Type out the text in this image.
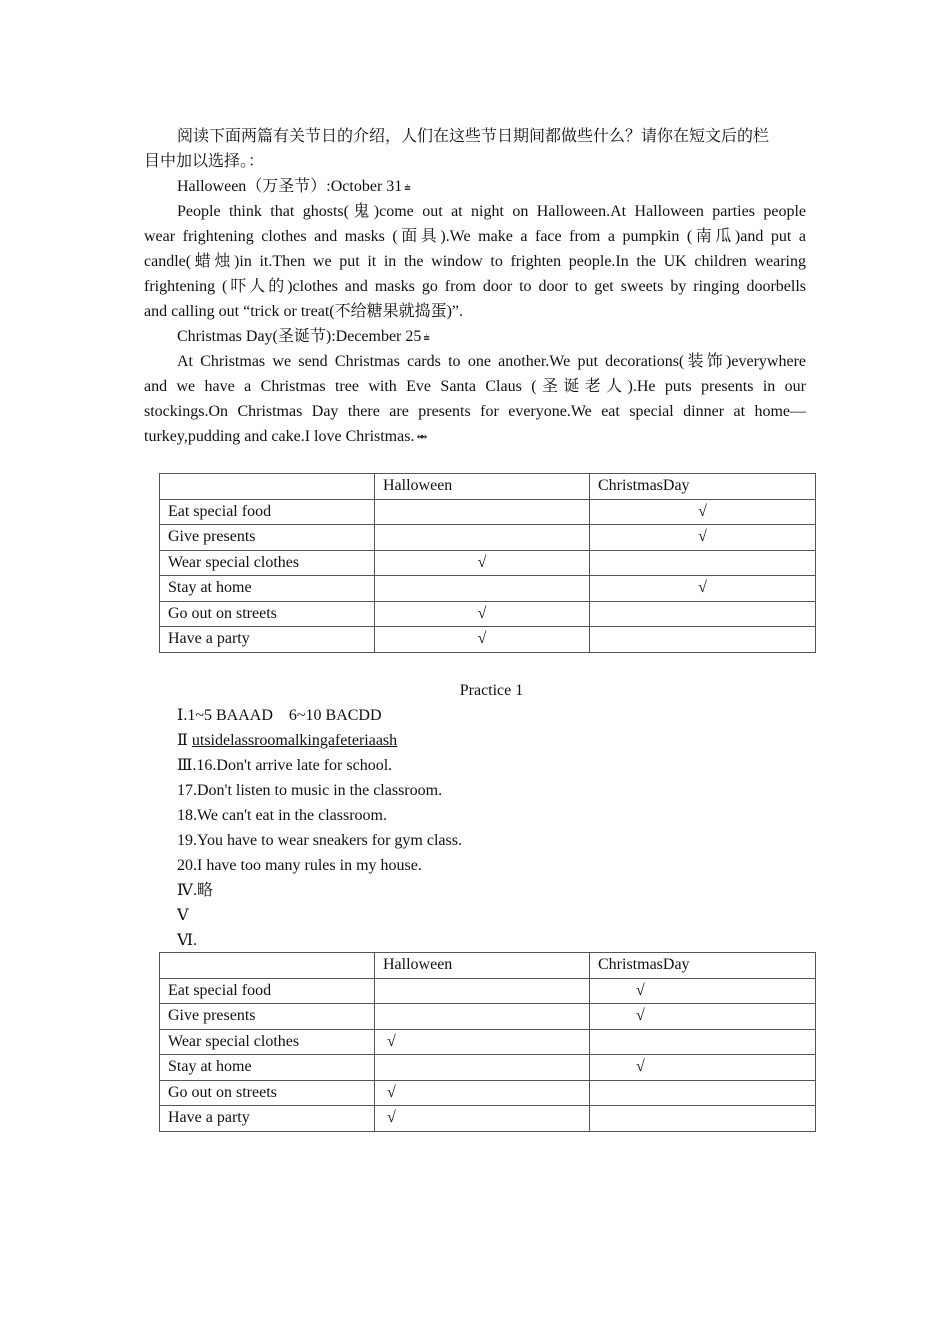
阅读下面两篇有关节日的介绍，人们在这些节日期间都做些什么？请你在短文后的栏
目中加以选择。：
Halloween（万圣节）:October 31 ⩧
People think that ghosts(鬼)come out at night on Halloween.At Halloween parties people
wear frightening clothes and masks (面具).We make a face from a pumpkin (南瓜)and put a
candle(蜡烛)in it.Then we put it in the window to frighten people.In the UK children wearing
frightening (吓人的)clothes and masks go from door to door to get sweets by ringing doorbells
and calling out “trick or treat(不给糖果就捣蛋)”.
Christmas Day(圣诞节):December 25 ⩧
At Christmas we send Christmas cards to one another.We put decorations(装饰)everywhere
and we have a Christmas tree with Eve Santa Claus (圣诞老人).He puts presents in our
stockings.On Christmas Day there are presents for everyone.We eat special dinner at home—
turkey,pudding and cake.I love Christmas. ⥈
	Halloween	ChristmasDay
Eat special food		√
Give presents		√
Wear special clothes	√	
Stay at home		√
Go out on streets	√	
Have a party	√	
Practice 1
Ⅰ.1~5 BAAAD　6~10 BACDD
Ⅱ utsidelassroomalkingafeteriaash
Ⅲ.16.Don't arrive late for school.
17.Don't listen to music in the classroom.
18.We can't eat in the classroom.
19.You have to wear sneakers for gym class.
20.I have too many rules in my house.
Ⅳ.略
Ⅴ
Ⅵ.
	Halloween	ChristmasDay
Eat special food		√
Give presents		√
Wear special clothes	√	
Stay at home		√
Go out on streets	√	
Have a party	√	
